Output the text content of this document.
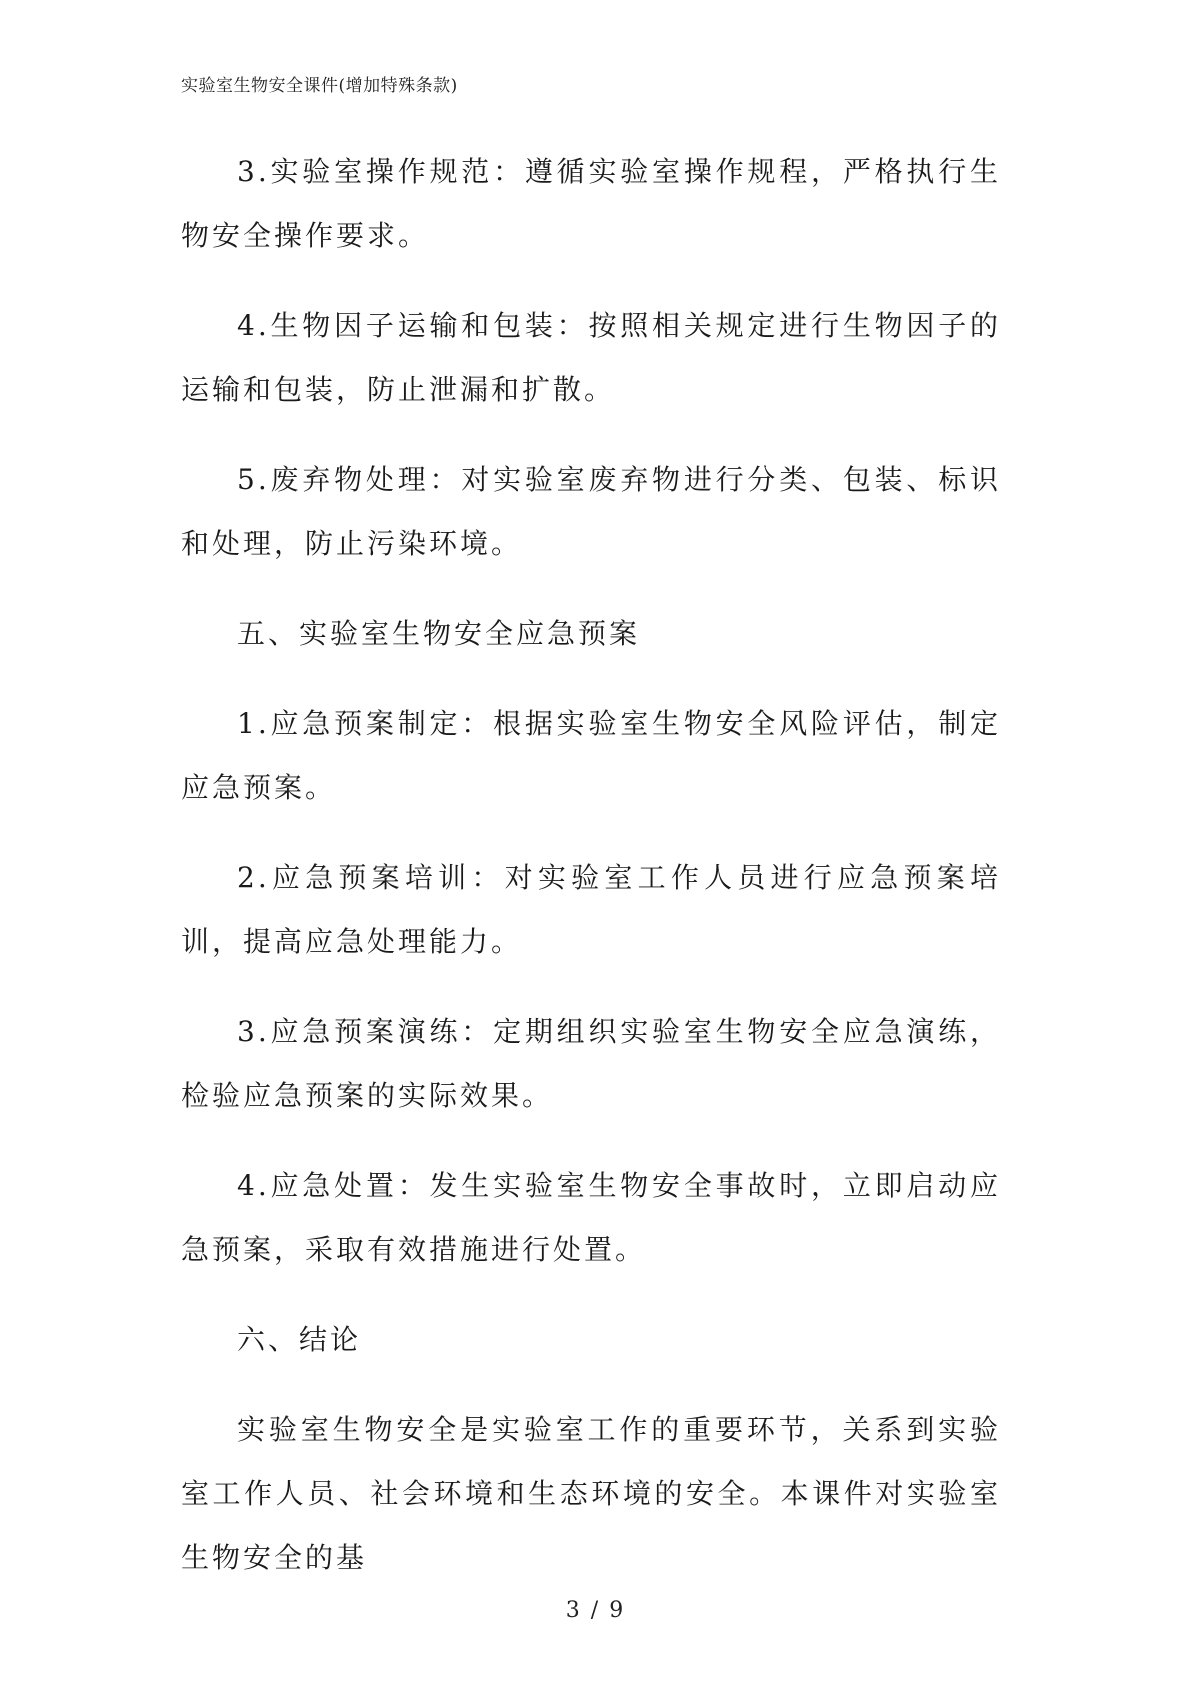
实验室生物安全课件(增加特殊条款)

3.实验室操作规范：遵循实验室操作规程，严格执行生物安全操作要求。

4.生物因子运输和包装：按照相关规定进行生物因子的运输和包装，防止泄漏和扩散。

5.废弃物处理：对实验室废弃物进行分类、包装、标识和处理，防止污染环境。

五、实验室生物安全应急预案

1.应急预案制定：根据实验室生物安全风险评估，制定应急预案。

2.应急预案培训：对实验室工作人员进行应急预案培训，提高应急处理能力。

3.应急预案演练：定期组织实验室生物安全应急演练，检验应急预案的实际效果。

4.应急处置：发生实验室生物安全事故时，立即启动应急预案，采取有效措施进行处置。

六、结论

实验室生物安全是实验室工作的重要环节，关系到实验室工作人员、社会环境和生态环境的安全。本课件对实验室生物安全的基

3 / 9
